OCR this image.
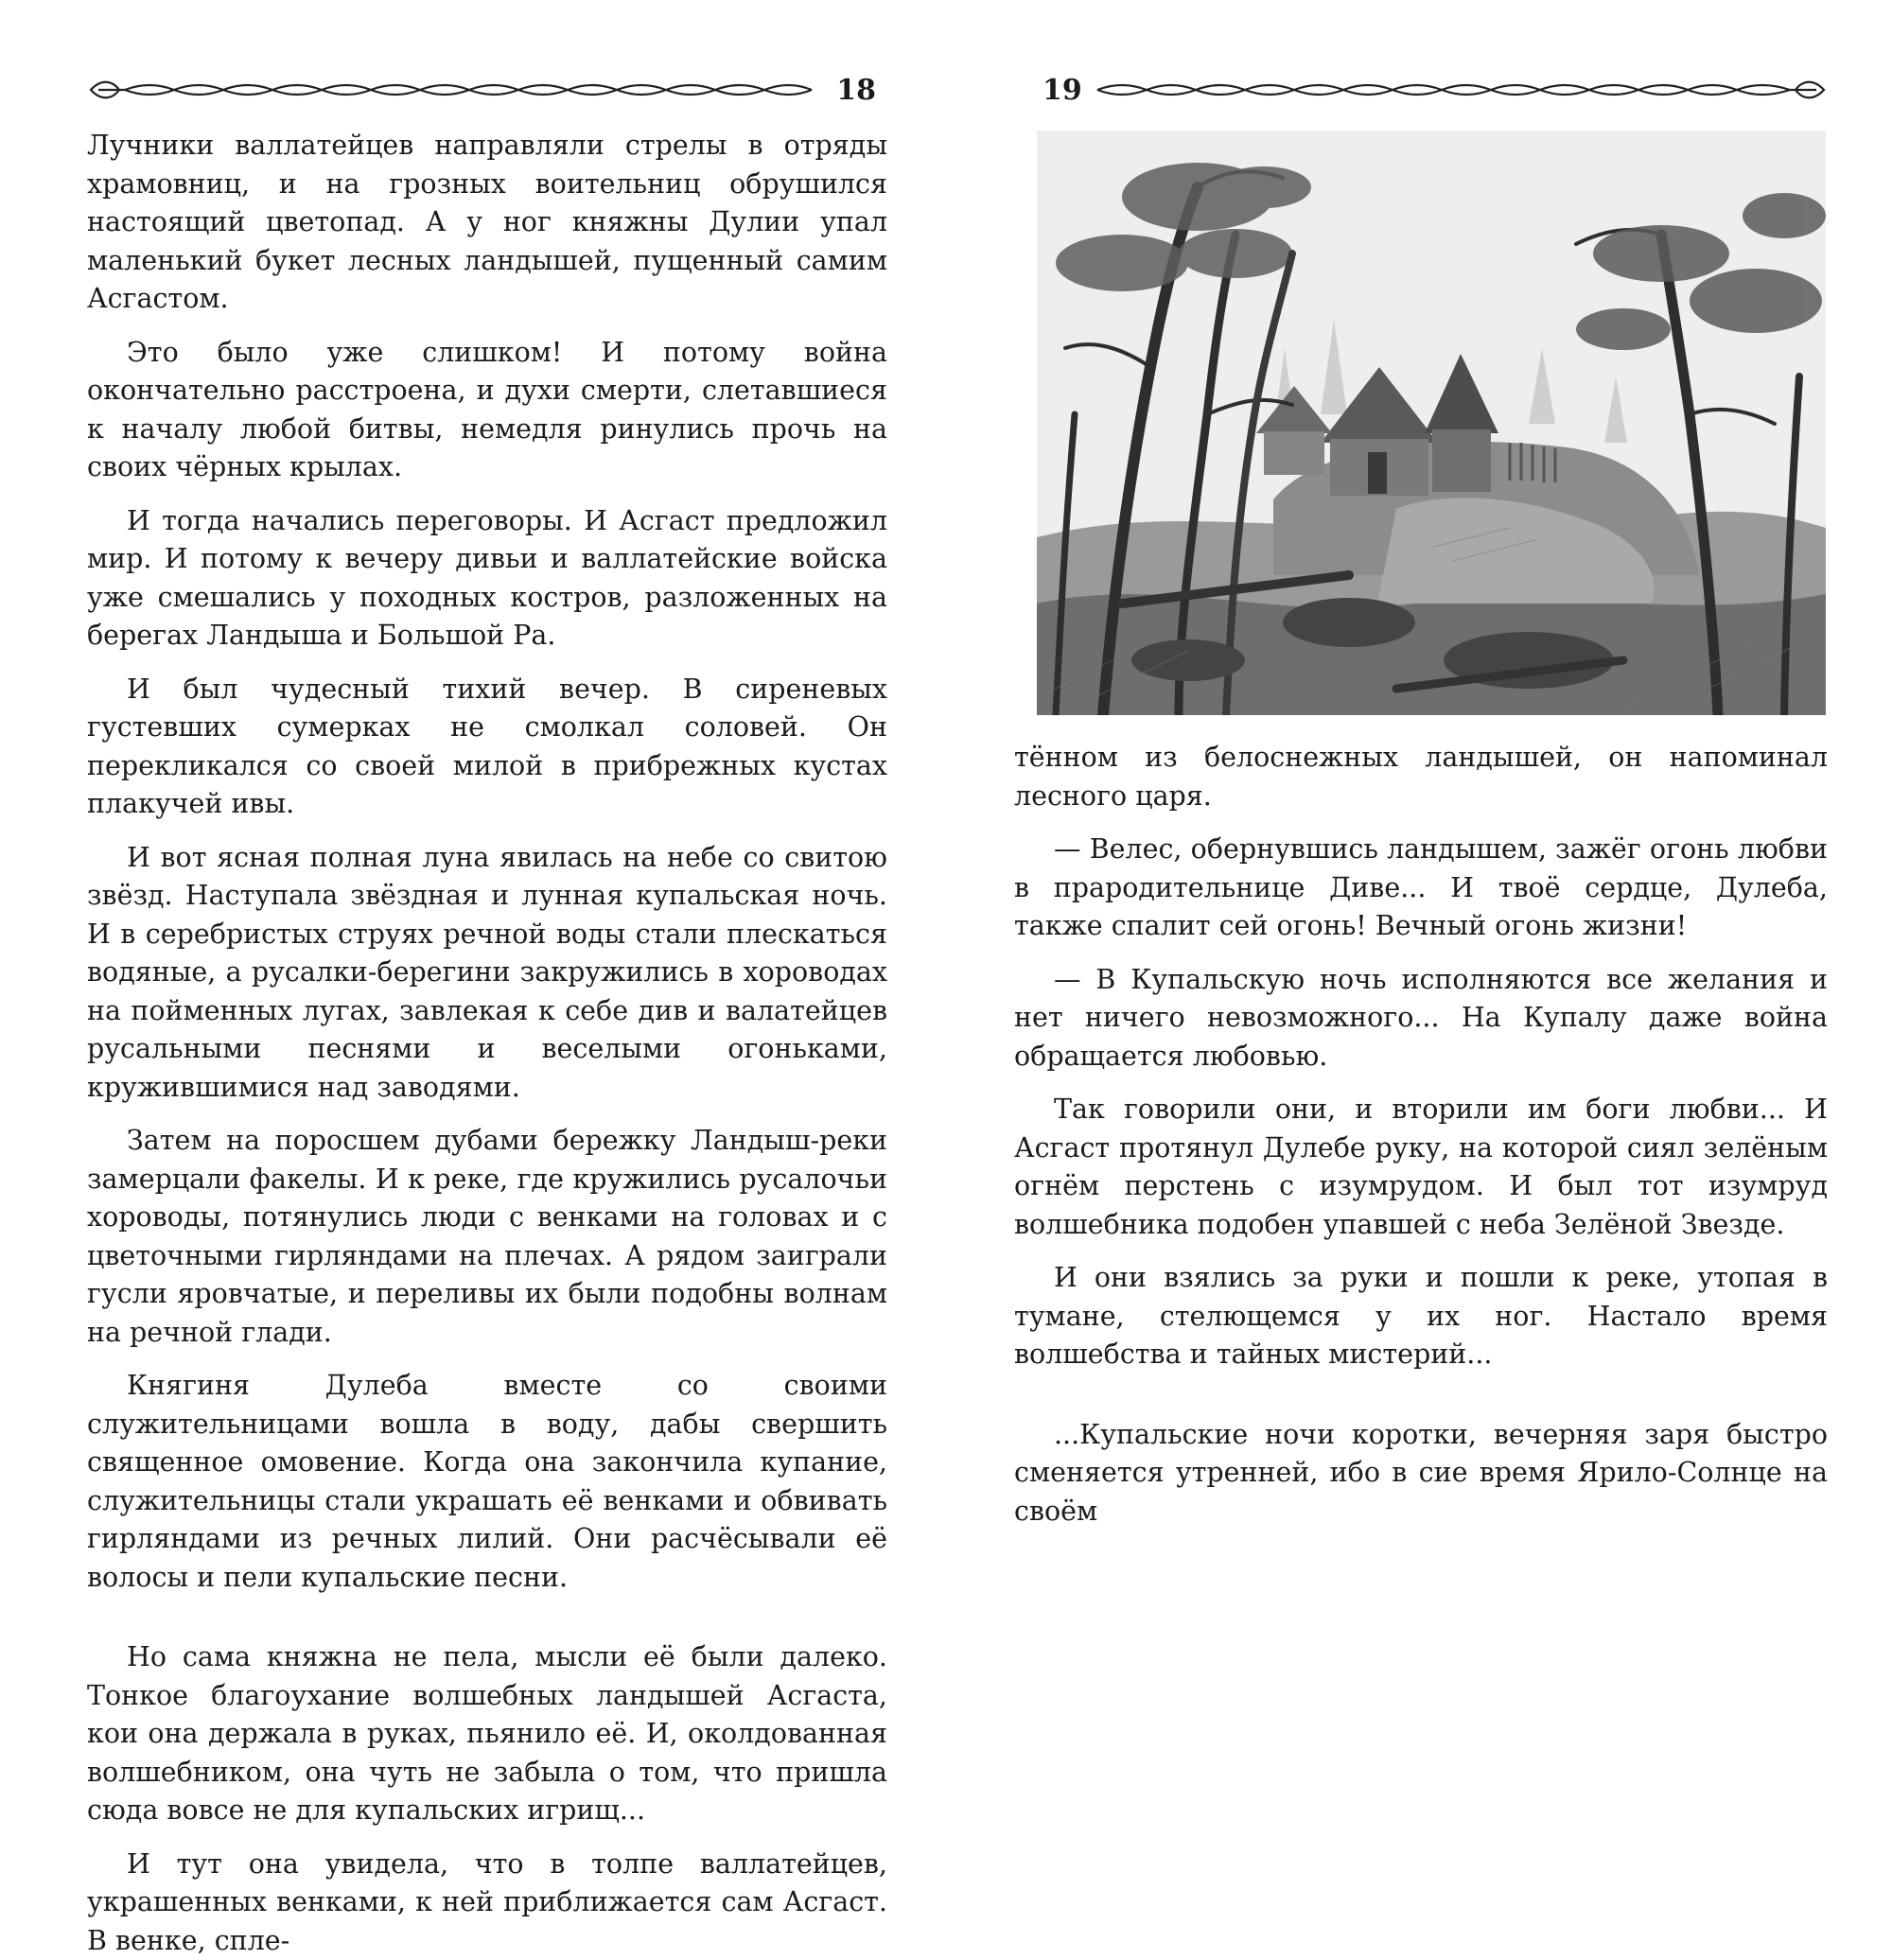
18

Лучники валлатейцев направляли стрелы в отряды храмовниц, и на грозных воительниц обрушился настоящий цветопад. А у ног княжны Дулии упал маленький букет лесных ландышей, пущенный самим Асгастом.

Это было уже слишком! И потому война окончательно расстроена, и духи смерти, слетавшиеся к началу любой битвы, немедля ринулись прочь на своих чёрных крылах.

И тогда начались переговоры. И Асгаст предложил мир. И потому к вечеру дивьи и валлатейские войска уже смешались у походных костров, разложенных на берегах Ландыша и Большой Ра.

И был чудесный тихий вечер. В сиреневых густевших сумерках не смолкал соловей. Он перекликался со своей милой в прибрежных кустах плакучей ивы.

И вот ясная полная луна явилась на небе со свитою звёзд. Наступала звёздная и лунная купальская ночь. И в серебристых струях речной воды стали плескаться водяные, а русалки-берегини закружились в хороводах на пойменных лугах, завлекая к себе див и валатейцев русальными песнями и веселыми огоньками, кружившимися над заводями.

Затем на поросшем дубами бережку Ландыш-реки замерцали факелы. И к реке, где кружились русалочьи хороводы, потянулись люди с венками на головах и с цветочными гирляндами на плечах. А рядом заиграли гусли яровчатые, и переливы их были подобны волнам на речной глади.

Княгиня Дулеба вместе со своими служительницами вошла в воду, дабы свершить священное омовение. Когда она закончила купание, служительницы стали украшать её венками и обвивать гирляндами из речных лилий. Они расчёсывали её волосы и пели купальские песни.

Но сама княжна не пела, мысли её были далеко. Тонкое благоухание волшебных ландышей Асгаста, кои она держала в руках, пьянило её. И, околдованная волшебником, она чуть не забыла о том, что пришла сюда вовсе не для купальских игрищ...

И тут она увидела, что в толпе валлатейцев, украшенных венками, к ней приближается сам Асгаст. В венке, спле-

19

тённом из белоснежных ландышей, он напоминал лесного царя.

— Велес, обернувшись ландышем, зажёг огонь любви в прародительнице Диве... И твоё сердце, Дулеба, также спалит сей огонь! Вечный огонь жизни!

— В Купальскую ночь исполняются все желания и нет ничего невозможного... На Купалу даже война обращается любовью.

Так говорили они, и вторили им боги любви... И Асгаст протянул Дулебе руку, на которой сиял зелёным огнём перстень с изумрудом. И был тот изумруд волшебника подобен упавшей с неба Зелёной Звезде.

И они взялись за руки и пошли к реке, утопая в тумане, стелющемся у их ног. Настало время волшебства и тайных мистерий...

...Купальские ночи коротки, вечерняя заря быстро сменяется утренней, ибо в сие время Ярило-Солнце на своём
